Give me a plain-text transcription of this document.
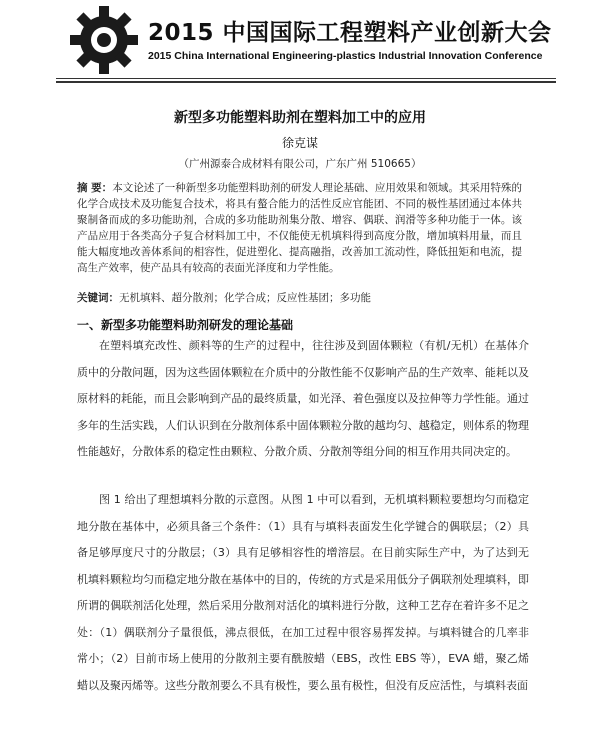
2015 中国国际工程塑料产业创新大会
2015 China International Engineering-plastics Industrial Innovation Conference
新型多功能塑料助剂在塑料加工中的应用
徐克谋
（广州源泰合成材料有限公司，广东广州 510665）
摘 要：本文论述了一种新型多功能塑料助剂的研发人理论基础、应用效果和领域。其采用特殊的化学合成技术及功能复合技术，将具有螯合能力的活性反应官能团、不同的极性基团通过本体共聚制备而成的多功能助剂，合成的多功能助剂集分散、增容、偶联、润滑等多种功能于一体。该产品应用于各类高分子复合材料加工中，不仅能使无机填料得到高度分散，增加填料用量，而且能大幅度地改善体系间的相容性，促进塑化、提高融指，改善加工流动性，降低扭矩和电流，提高生产效率，使产品具有较高的表面光泽度和力学性能。
关键词：无机填料、超分散剂；化学合成；反应性基团；多功能
一、新型多功能塑料助剂研发的理论基础
在塑料填充改性、颜料等的生产的过程中，往往涉及到固体颗粒（有机/无机）在基体介质中的分散问题，因为这些固体颗粒在介质中的分散性能不仅影响产品的生产效率、能耗以及原材料的耗能，而且会影响到产品的最终质量，如光泽、着色强度以及拉伸等力学性能。通过多年的生活实践，人们认识到在分散剂体系中固体颗粒分散的越均匀、越稳定，则体系的物理性能越好，分散体系的稳定性由颗粒、分散介质、分散剂等组分间的相互作用共同决定的。
图 1 给出了理想填料分散的示意图。从图 1 中可以看到，无机填料颗粒要想均匀而稳定地分散在基体中，必须具备三个条件：（1）具有与填料表面发生化学键合的偶联层；（2）具备足够厚度尺寸的分散层；（3）具有足够相容性的增溶层。在目前实际生产中，为了达到无机填料颗粒均匀而稳定地分散在基体中的目的，传统的方式是采用低分子偶联剂处理填料，即所谓的偶联剂活化处理，然后采用分散剂对活化的填料进行分散，这种工艺存在着许多不足之处：（1）偶联剂分子量很低，沸点很低，在加工过程中很容易挥发掉。与填料键合的几率非常小；（2）目前市场上使用的分散剂主要有酰胺蜡（EBS，改性 EBS 等），EVA 蜡，聚乙烯蜡以及聚丙烯等。这些分散剂要么不具有极性，要么虽有极性，但没有反应活性，与填料表面
